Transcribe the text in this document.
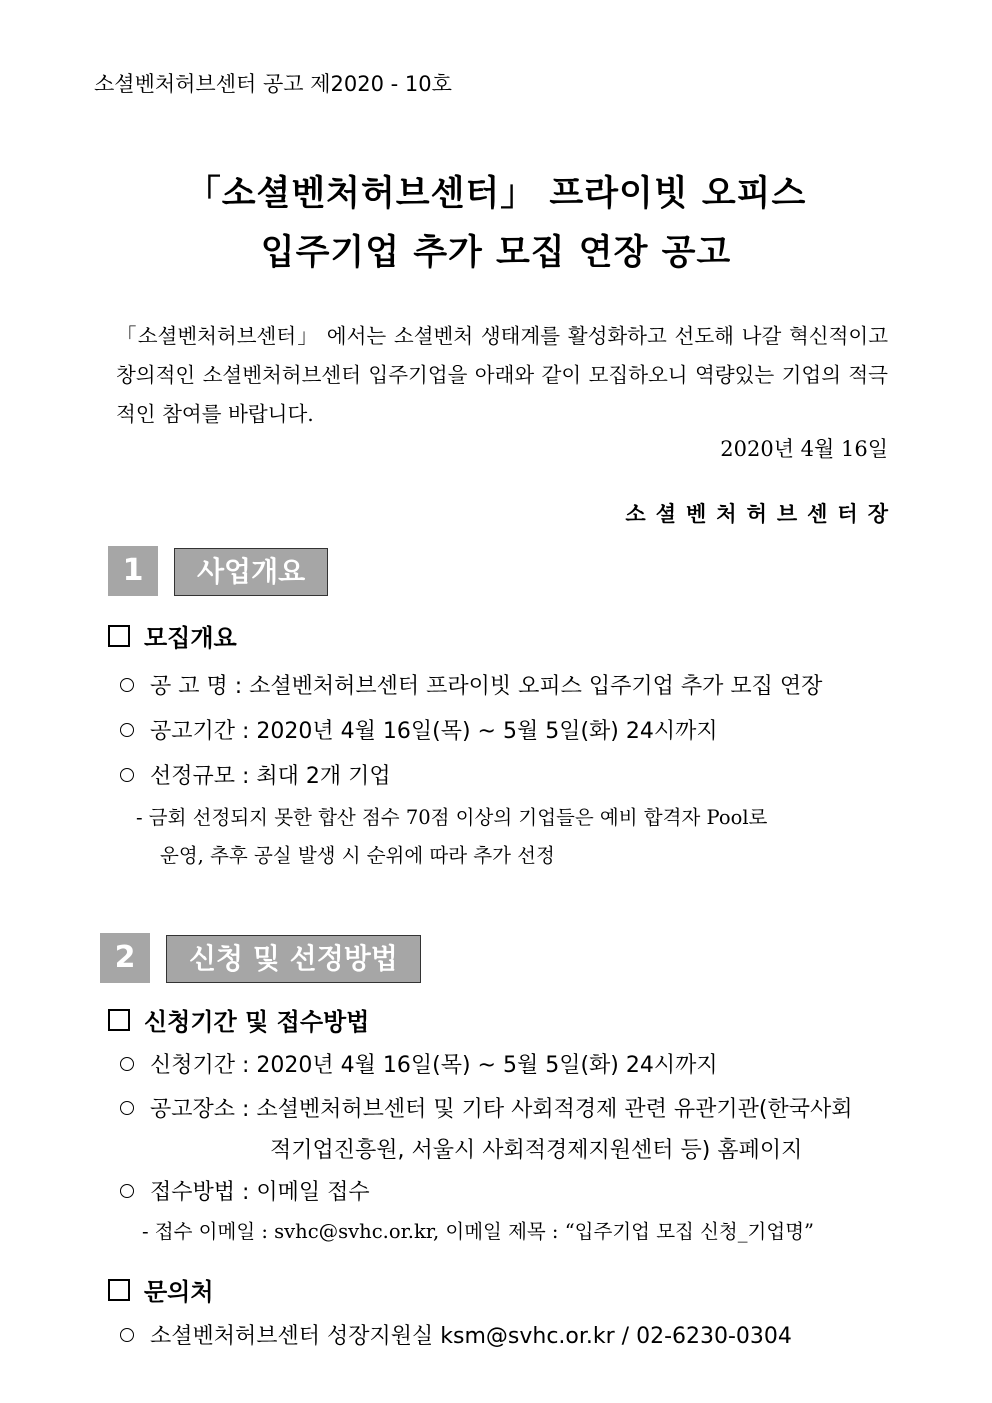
소셜벤처허브센터 공고 제2020 - 10호
「소셜벤처허브센터」 프라이빗 오피스
입주기업 추가 모집 연장 공고

「소셜벤처허브센터」 에서는 소셜벤처 생태계를 활성화하고 선도해 나갈 혁신적이고 창의적인 소셜벤처허브센터 입주기업을 아래와 같이 모집하오니 역량있는 기업의 적극적인 참여를 바랍니다.

2020년 4월 16일
소셜벤처허브센터장
1	사업개요
모집개요
공 고 명 : 소셜벤처허브센터 프라이빗 오피스 입주기업 추가 모집 연장
공고기간 : 2020년 4월 16일(목) ~ 5월 5일(화) 24시까지
선정규모 : 최대 2개 기업
- 금회 선정되지 못한 합산 점수 70점 이상의 기업들은 예비 합격자 Pool로
운영, 추후 공실 발생 시 순위에 따라 추가 선정
2	신청 및 선정방법
신청기간 및 접수방법
신청기간 : 2020년 4월 16일(목) ~ 5월 5일(화) 24시까지
공고장소 : 소셜벤처허브센터 및 기타 사회적경제 관련 유관기관(한국사회
적기업진흥원, 서울시 사회적경제지원센터 등) 홈페이지
접수방법 : 이메일 접수
- 접수 이메일 : svhc@svhc.or.kr, 이메일 제목 : “입주기업 모집 신청_기업명”
문의처
소셜벤처허브센터 성장지원실 ksm@svhc.or.kr / 02-6230-0304
